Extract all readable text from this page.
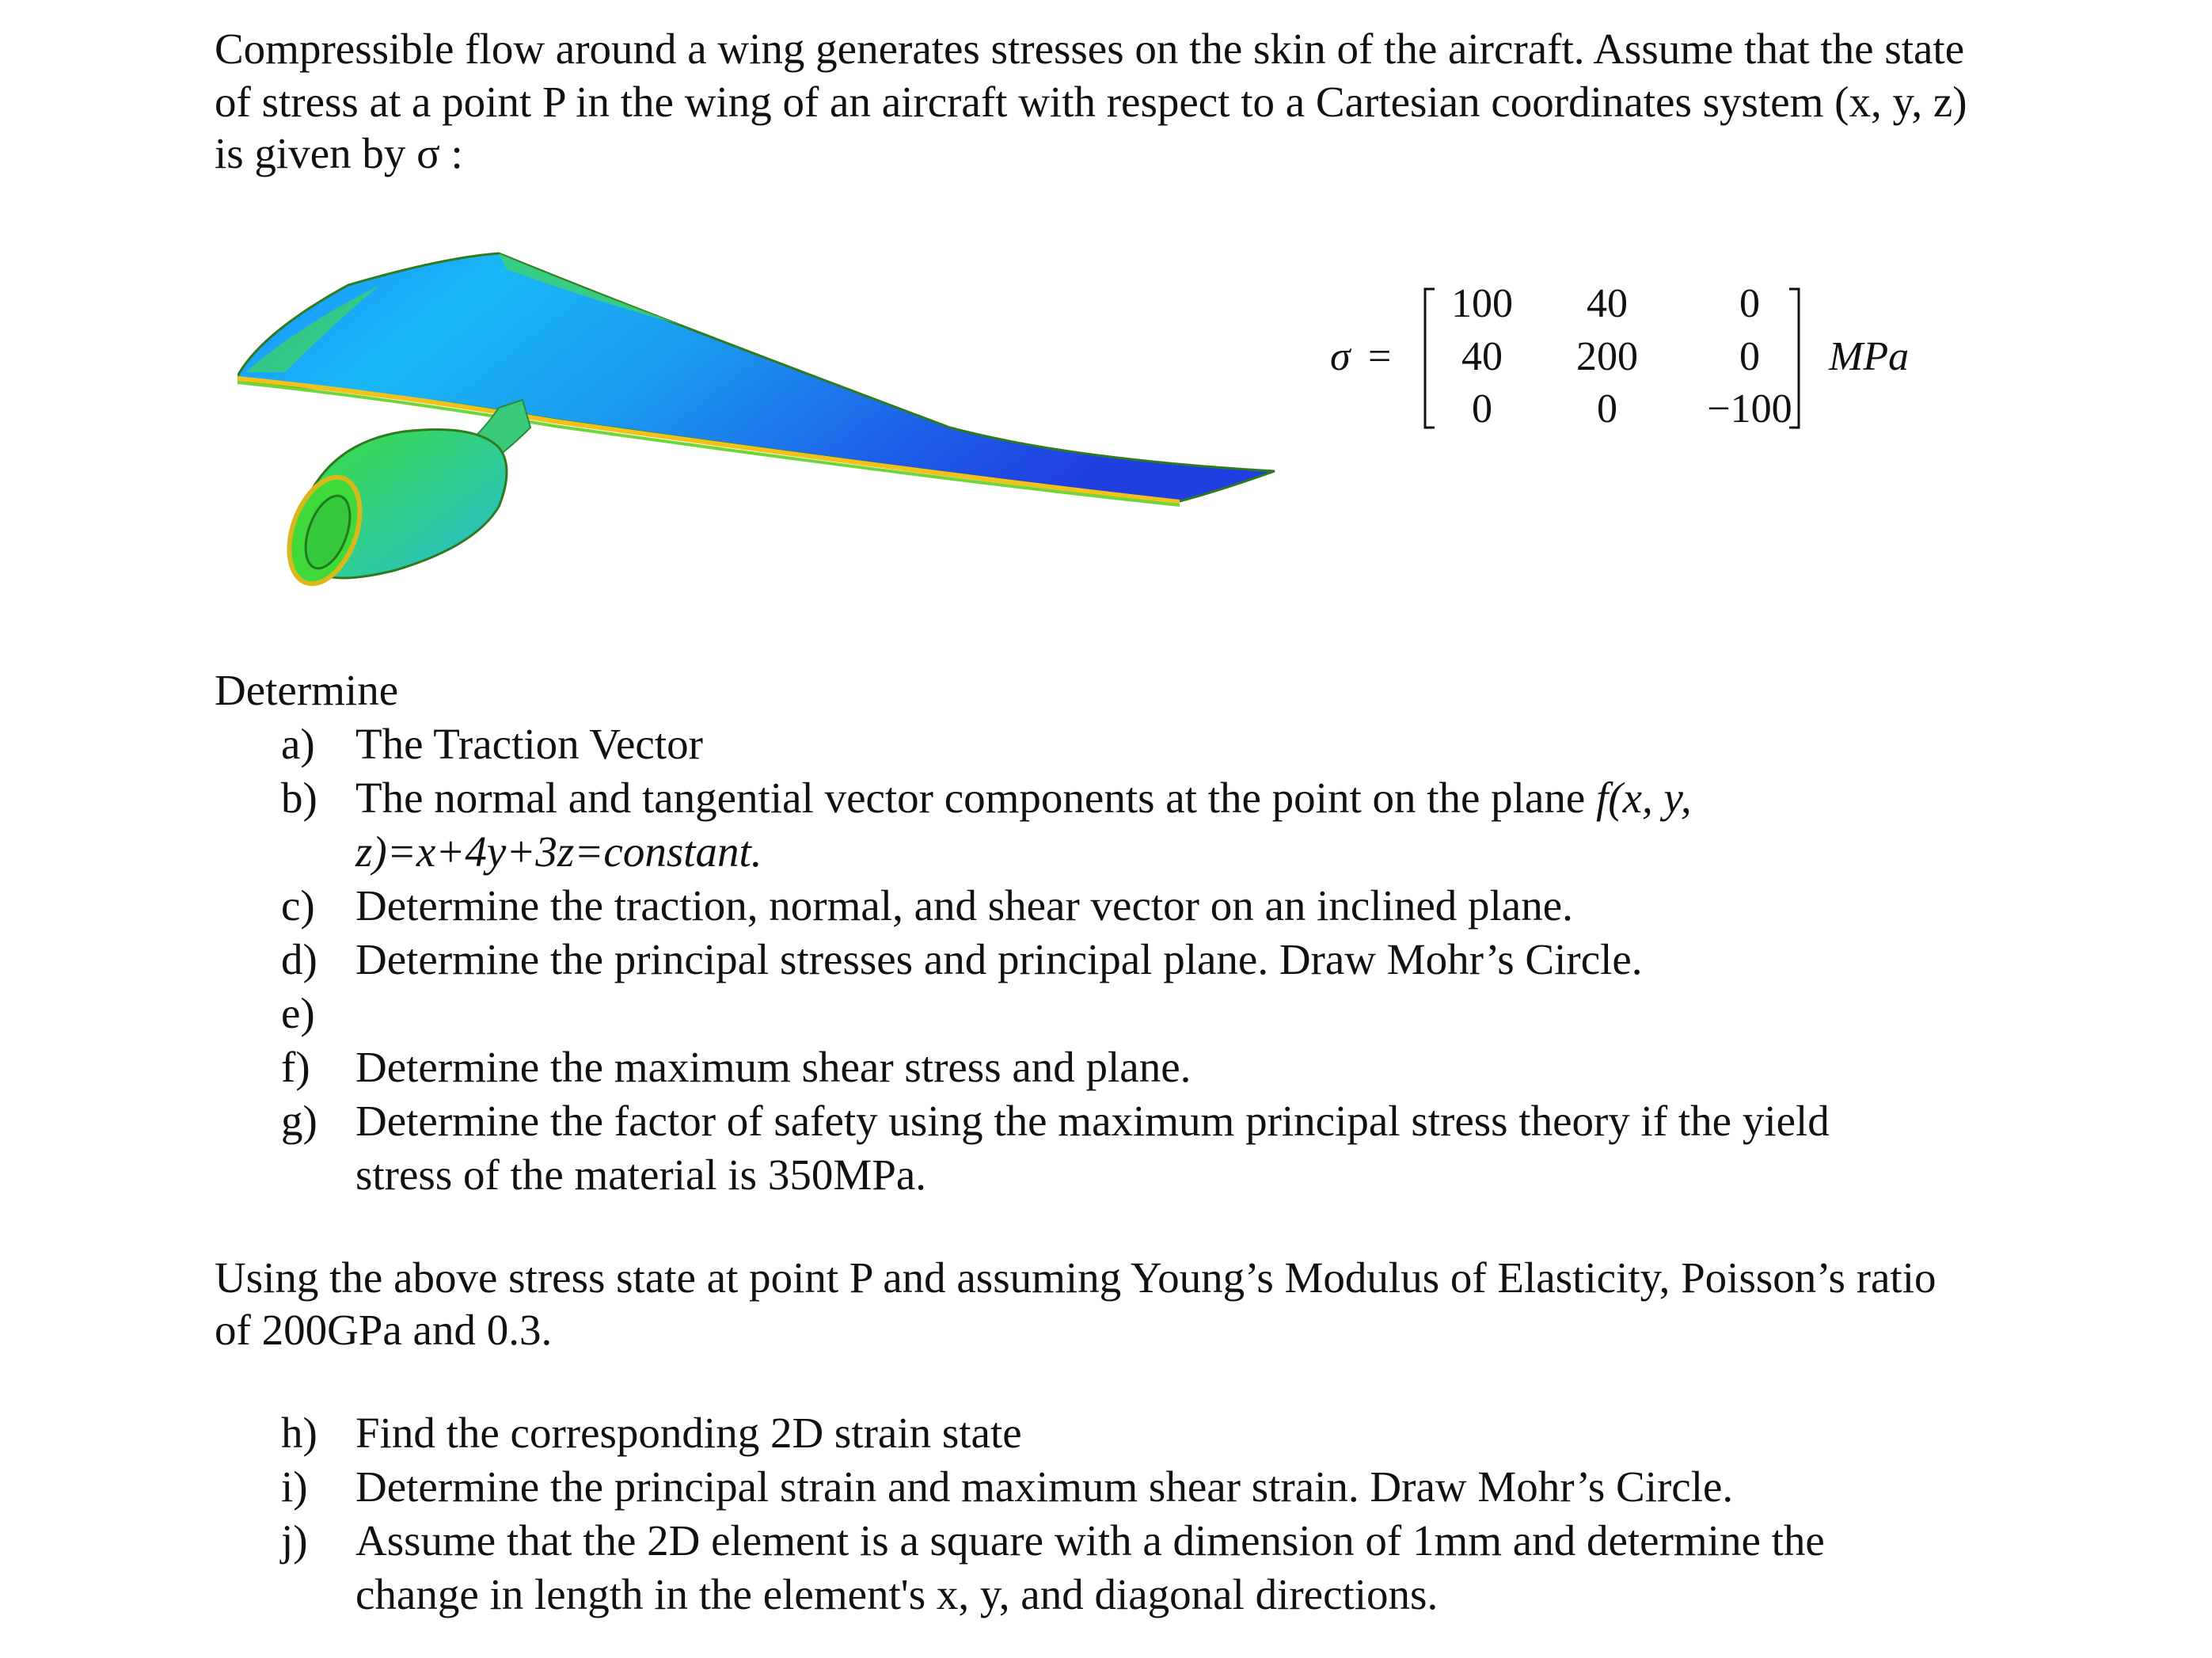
Compressible flow around a wing generates stresses on the skin of the aircraft. Assume that the state
of stress at a point P in the wing of an aircraft with respect to a Cartesian coordinates system (x, y, z)
is given by σ :
σ =
100 40	0
40 200 0
0	0 −100
MPa
Determine
a) The Traction Vector
b) The normal and tangential vector components at the point on the plane f(x, y,
z)=x+4y+3z=constant.
c) Determine the traction, normal, and shear vector on an inclined plane.
d) Determine the principal stresses and principal plane. Draw Mohr’s Circle.
e)
f) Determine the maximum shear stress and plane.
g) Determine the factor of safety using the maximum principal stress theory if the yield
stress of the material is 350MPa.
Using the above stress state at point P and assuming Young’s Modulus of Elasticity, Poisson’s ratio
of 200GPa and 0.3.
h) Find the corresponding 2D strain state
i) Determine the principal strain and maximum shear strain. Draw Mohr’s Circle.
j) Assume that the 2D element is a square with a dimension of 1mm and determine the
change in length in the element's x, y, and diagonal directions.
